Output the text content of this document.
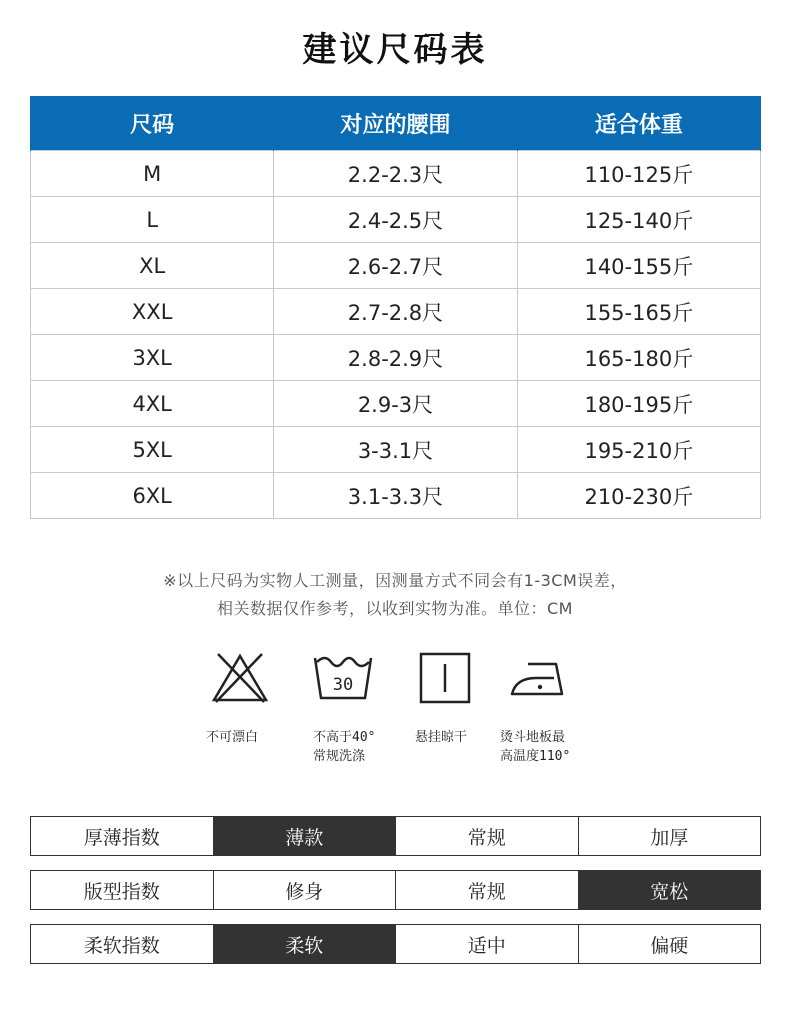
建议尺码表
尺码	对应的腰围	适合体重
M	2.2-2.3尺	110-125斤
L	2.4-2.5尺	125-140斤
XL	2.6-2.7尺	140-155斤
XXL	2.7-2.8尺	155-165斤
3XL	2.8-2.9尺	165-180斤
4XL	2.9-3尺	180-195斤
5XL	3-3.1尺	195-210斤
6XL	3.1-3.3尺	210-230斤
※以上尺码为实物人工测量，因测量方式不同会有1-3CM误差，
相关数据仅作参考，以收到实物为准。单位：CM
不可漂白
30
不高于40°
常规洗涤
悬挂晾干	烫斗地板最
高温度110°
厚薄指数	薄款	常规	加厚
版型指数	修身	常规	宽松
柔软指数	柔软	适中	偏硬
